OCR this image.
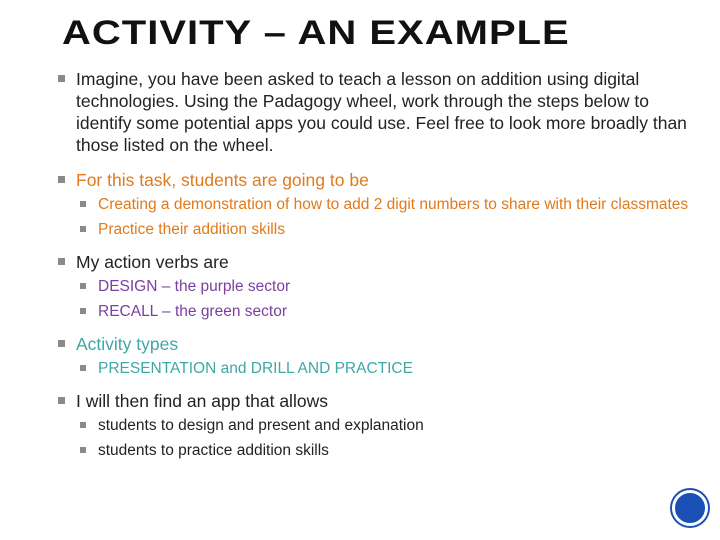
ACTIVITY – AN EXAMPLE
Imagine, you have been asked to teach a lesson on addition using digital technologies. Using the Padagogy wheel, work through the steps below to identify some potential apps you could use. Feel free to look more broadly than those listed on the wheel.
For this task, students are going to be
Creating a demonstration of how to add 2 digit numbers to share with their classmates
Practice their addition skills
My action verbs are
DESIGN – the purple sector
RECALL – the green sector
Activity types
PRESENTATION and DRILL AND PRACTICE
I will then find an app that allows
students to design and present and explanation
students to practice addition skills
